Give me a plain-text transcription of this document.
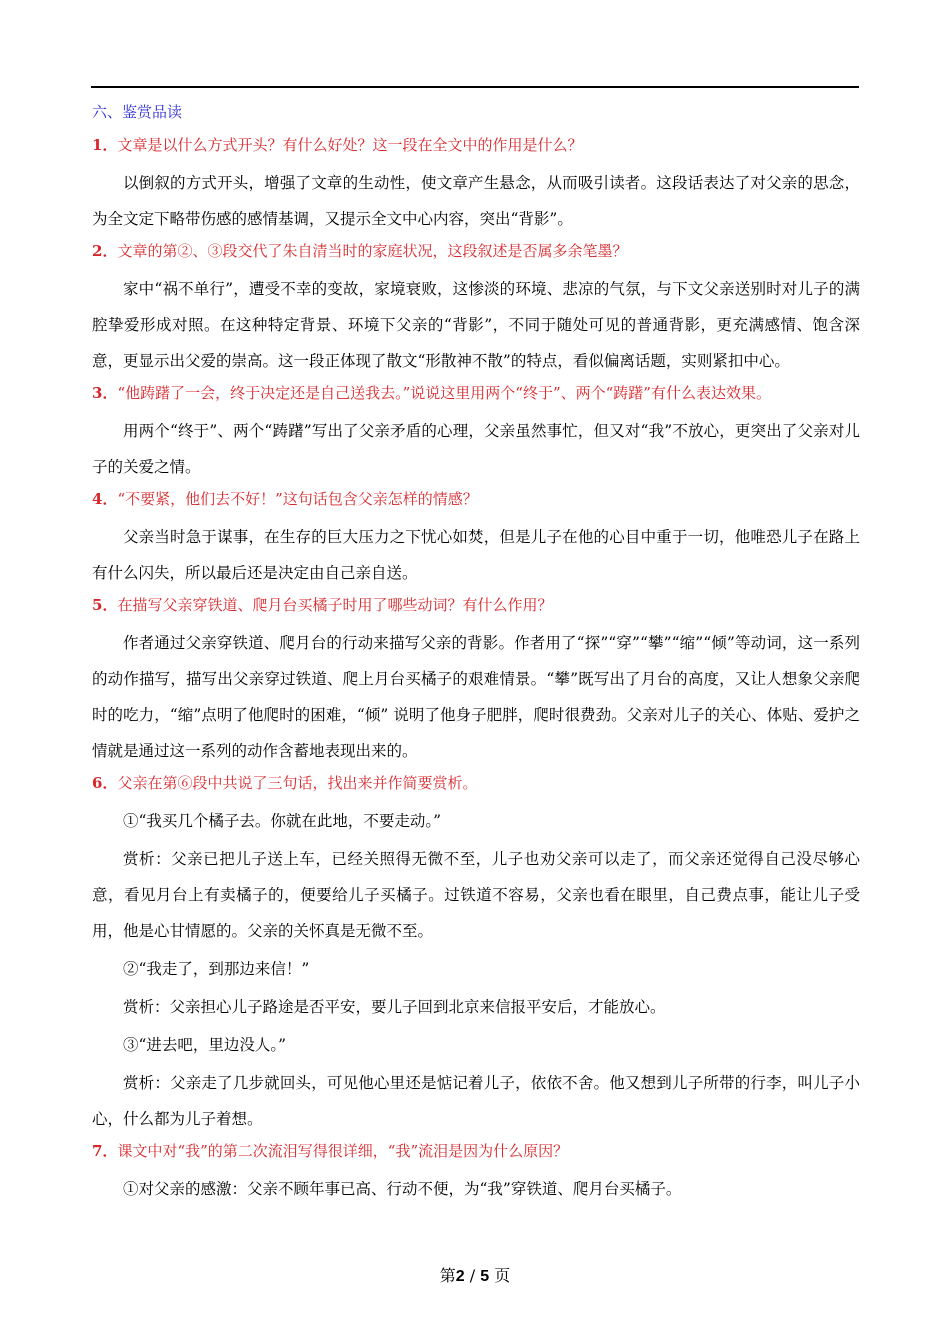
六、鉴赏品读
1．文章是以什么方式开头？有什么好处？这一段在全文中的作用是什么？
以倒叙的方式开头，增强了文章的生动性，使文章产生悬念，从而吸引读者。这段话表达了对父亲的思念，为全文定下略带伤感的感情基调，又提示全文中心内容，突出“背影”。
2．文章的第②、③段交代了朱自清当时的家庭状况，这段叙述是否属多余笔墨？
家中“祸不单行”，遭受不幸的变故，家境衰败，这惨淡的环境、悲凉的气氛，与下文父亲送别时对儿子的满腔挚爱形成对照。在这种特定背景、环境下父亲的“背影”，不同于随处可见的普通背影，更充满感情、饱含深意，更显示出父爱的崇高。这一段正体现了散文“形散神不散”的特点，看似偏离话题，实则紧扣中心。
3．“他踌躇了一会，终于决定还是自己送我去。”说说这里用两个“终于”、两个“踌躇”有什么表达效果。
用两个“终于”、两个“踌躇”写出了父亲矛盾的心理，父亲虽然事忙，但又对“我”不放心，更突出了父亲对儿子的关爱之情。
4．“不要紧，他们去不好！”这句话包含父亲怎样的情感？
父亲当时急于谋事，在生存的巨大压力之下忧心如焚，但是儿子在他的心目中重于一切，他唯恐儿子在路上有什么闪失，所以最后还是决定由自己亲自送。
5．在描写父亲穿铁道、爬月台买橘子时用了哪些动词？有什么作用？
作者通过父亲穿铁道、爬月台的行动来描写父亲的背影。作者用了“探”“穿”“攀”“缩”“倾”等动词，这一系列的动作描写，描写出父亲穿过铁道、爬上月台买橘子的艰难情景。“攀”既写出了月台的高度，又让人想象父亲爬时的吃力，“缩”点明了他爬时的困难，“倾” 说明了他身子肥胖，爬时很费劲。父亲对儿子的关心、体贴、爱护之情就是通过这一系列的动作含蓄地表现出来的。
6．父亲在第⑥段中共说了三句话，找出来并作简要赏析。
①“我买几个橘子去。你就在此地，不要走动。”
赏析：父亲已把儿子送上车，已经关照得无微不至，儿子也劝父亲可以走了，而父亲还觉得自己没尽够心意，看见月台上有卖橘子的，便要给儿子买橘子。过铁道不容易，父亲也看在眼里，自己费点事，能让儿子受用，他是心甘情愿的。父亲的关怀真是无微不至。
②“我走了，到那边来信！”
赏析：父亲担心儿子路途是否平安，要儿子回到北京来信报平安后，才能放心。
③“进去吧，里边没人。”
赏析：父亲走了几步就回头，可见他心里还是惦记着儿子，依依不舍。他又想到儿子所带的行李，叫儿子小心，什么都为儿子着想。
7．课文中对“我”的第二次流泪写得很详细，“我”流泪是因为什么原因？
①对父亲的感激：父亲不顾年事已高、行动不便，为“我”穿铁道、爬月台买橘子。
第2 / 5 页
